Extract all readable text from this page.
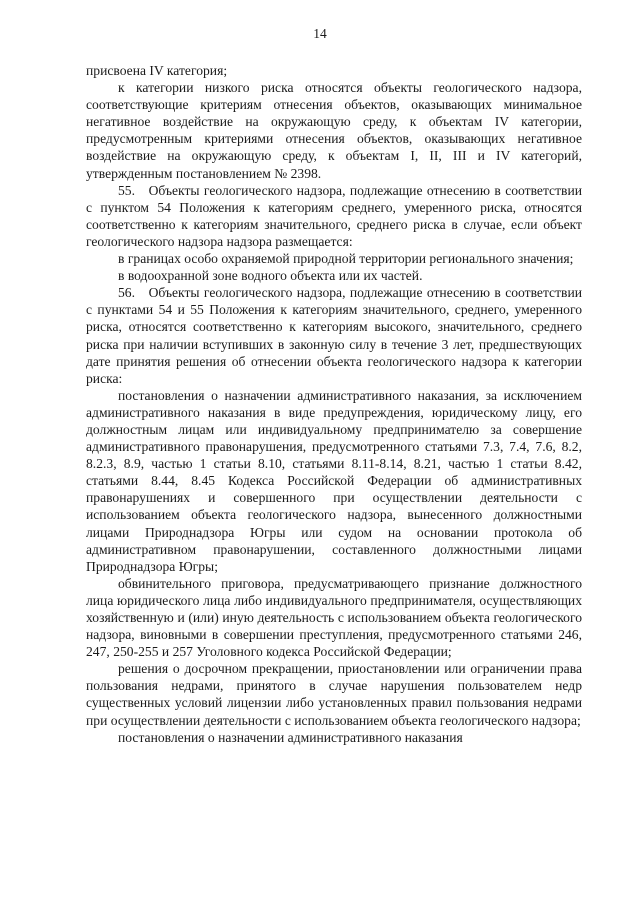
14

присвоена IV категория;

к категории низкого риска относятся объекты геологического надзора, соответствующие критериям отнесения объектов, оказывающих минимальное негативное воздействие на окружающую среду, к объектам IV категории, предусмотренным критериями отнесения объектов, оказывающих негативное воздействие на окружающую среду, к объектам I, II, III и IV категорий, утвержденным постановлением № 2398.

55. Объекты геологического надзора, подлежащие отнесению в соответствии с пунктом 54 Положения к категориям среднего, умеренного риска, относятся соответственно к категориям значительного, среднего риска в случае, если объект геологического надзора надзора размещается:

в границах особо охраняемой природной территории регионального значения;

в водоохранной зоне водного объекта или их частей.

56. Объекты геологического надзора, подлежащие отнесению в соответствии с пунктами 54 и 55 Положения к категориям значительного, среднего, умеренного риска, относятся соответственно к категориям высокого, значительного, среднего риска при наличии вступивших в законную силу в течение 3 лет, предшествующих дате принятия решения об отнесении объекта геологического надзора к категории риска:

постановления о назначении административного наказания, за исключением административного наказания в виде предупреждения, юридическому лицу, его должностным лицам или индивидуальному предпринимателю за совершение административного правонарушения, предусмотренного статьями 7.3, 7.4, 7.6, 8.2, 8.2.3, 8.9, частью 1 статьи 8.10, статьями 8.11-8.14, 8.21, частью 1 статьи 8.42, статьями 8.44, 8.45 Кодекса Российской Федерации об административных правонарушениях и совершенного при осуществлении деятельности с использованием объекта геологического надзора, вынесенного должностными лицами Природнадзора Югры или судом на основании протокола об административном правонарушении, составленного должностными лицами Природнадзора Югры;

обвинительного приговора, предусматривающего признание должностного лица юридического лица либо индивидуального предпринимателя, осуществляющих хозяйственную и (или) иную деятельность с использованием объекта геологического надзора, виновными в совершении преступления, предусмотренного статьями 246, 247, 250-255 и 257 Уголовного кодекса Российской Федерации;

решения о досрочном прекращении, приостановлении или ограничении права пользования недрами, принятого в случае нарушения пользователем недр существенных условий лицензии либо установленных правил пользования недрами при осуществлении деятельности с использованием объекта геологического надзора;

постановления о назначении административного наказания
